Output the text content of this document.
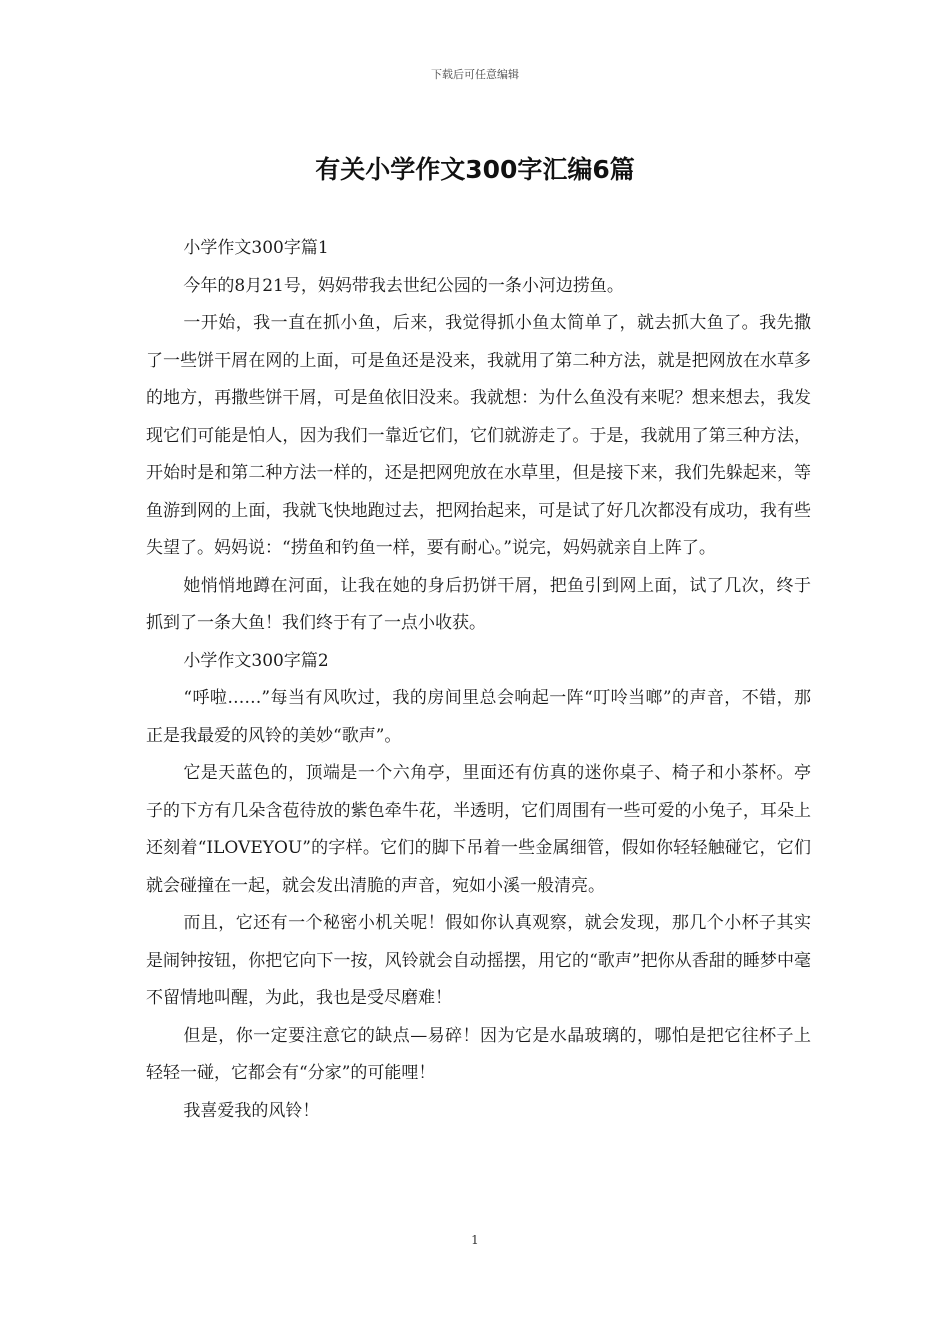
下载后可任意编辑
有关小学作文300字汇编6篇

小学作文300字篇1

今年的8月21号，妈妈带我去世纪公园的一条小河边捞鱼。

一开始，我一直在抓小鱼，后来，我觉得抓小鱼太简单了，就去抓大鱼了。我先撒了一些饼干屑在网的上面，可是鱼还是没来，我就用了第二种方法，就是把网放在水草多的地方，再撒些饼干屑，可是鱼依旧没来。我就想：为什么鱼没有来呢？想来想去，我发现它们可能是怕人，因为我们一靠近它们，它们就游走了。于是，我就用了第三种方法，开始时是和第二种方法一样的，还是把网兜放在水草里，但是接下来，我们先躲起来，等鱼游到网的上面，我就飞快地跑过去，把网抬起来，可是试了好几次都没有成功，我有些失望了。妈妈说：“捞鱼和钓鱼一样，要有耐心。”说完，妈妈就亲自上阵了。

她悄悄地蹲在河面，让我在她的身后扔饼干屑，把鱼引到网上面，试了几次，终于抓到了一条大鱼！我们终于有了一点小收获。

小学作文300字篇2

“呼啦……”每当有风吹过，我的房间里总会响起一阵“叮呤当啷”的声音，不错，那正是我最爱的风铃的美妙“歌声”。

它是天蓝色的，顶端是一个六角亭，里面还有仿真的迷你桌子、椅子和小茶杯。亭子的下方有几朵含苞待放的紫色牵牛花，半透明，它们周围有一些可爱的小兔子，耳朵上还刻着“ILOVEYOU”的字样。它们的脚下吊着一些金属细管，假如你轻轻触碰它，它们就会碰撞在一起，就会发出清脆的声音，宛如小溪一般清亮。

而且，它还有一个秘密小机关呢！假如你认真观察，就会发现，那几个小杯子其实是闹钟按钮，你把它向下一按，风铃就会自动摇摆，用它的“歌声”把你从香甜的睡梦中毫不留情地叫醒，为此，我也是受尽磨难！

但是，你一定要注意它的缺点—易碎！因为它是水晶玻璃的，哪怕是把它往杯子上轻轻一碰，它都会有“分家”的可能哩！

我喜爱我的风铃！

1
